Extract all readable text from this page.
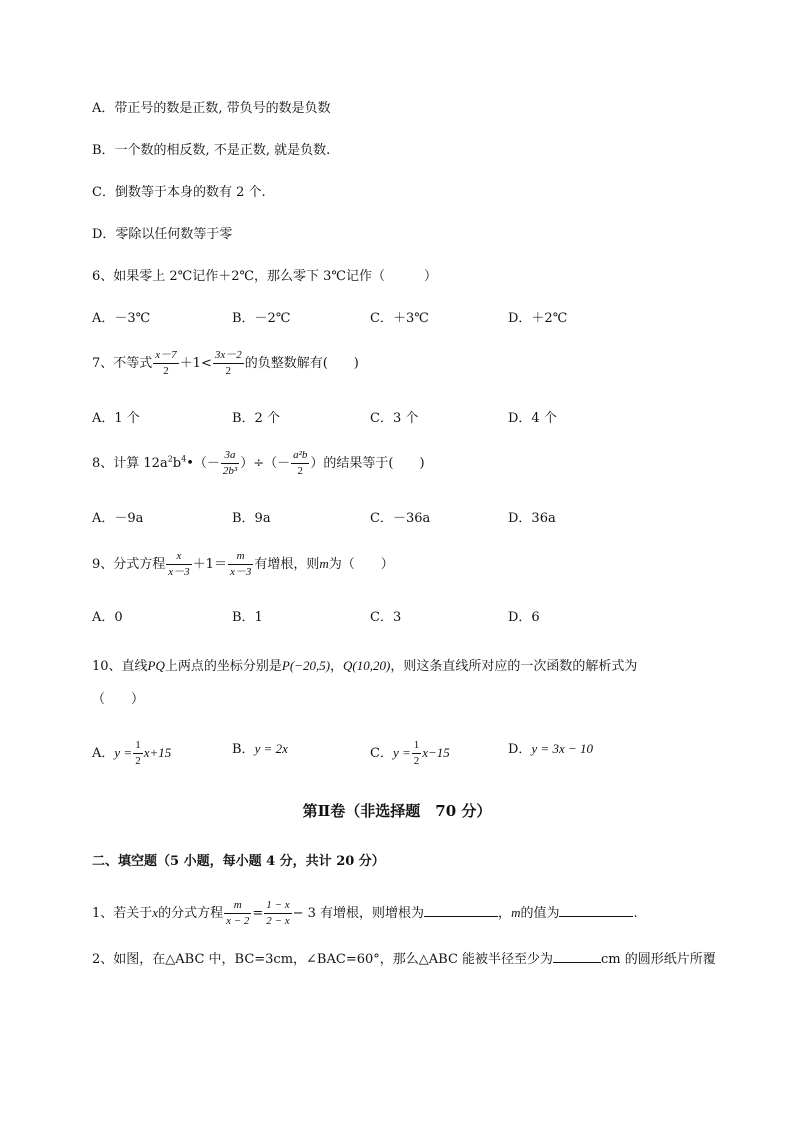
A．带正号的数是正数, 带负号的数是负数
B．一个数的相反数, 不是正数, 就是负数.
C．倒数等于本身的数有 2 个.
D．零除以任何数等于零
6、如果零上 2℃记作＋2℃，那么零下 3℃记作（　　　）
A．－3℃	B．－2℃	C．＋3℃	D．＋2℃
7、不等式 $\frac{x-7}{2} +1< \frac{3x-2}{2}$ 的负整数解有(　　)
A．1 个	B．2 个	C．3 个	D．4 个
8、计算 $12a^2b^4•(- \frac{3a}{\text{2b³}}$ ）÷（－ $\frac{\text{a²b}}{2}$ ）的结果等于(　　)
A．－9a	B．9a	C．－36a	D．36a
9、分式方程 $\frac{x}{x-3} +1= \frac{m}{x-3}$ 有增根，则m为（　　）
A．0	B．1	C．3	D．6
10、直线PQ上两点的坐标分别是P(−20,5)，Q(10,20)，则这条直线所对应的一次函数的解析式为
（　　）
A．$y = \frac{1}{2} x+15$	B．y = 2x	C．$y = \frac{1}{2} x-15$	D．y = 3x − 10
第Ⅱ卷（非选择题　70 分）
二、填空题（5 小题，每小题 4 分，共计 20 分）
1、若关于x的分式方程 $\frac{m}{x - 2} = \frac{1 - x}{2 - x} - 3$ 有增根，则增根为	，m的值为	.
2、如图，在△ABC 中，BC=3cm，∠BAC=60°，那么△ABC 能被半径至少为	cm 的圆形纸片所覆
